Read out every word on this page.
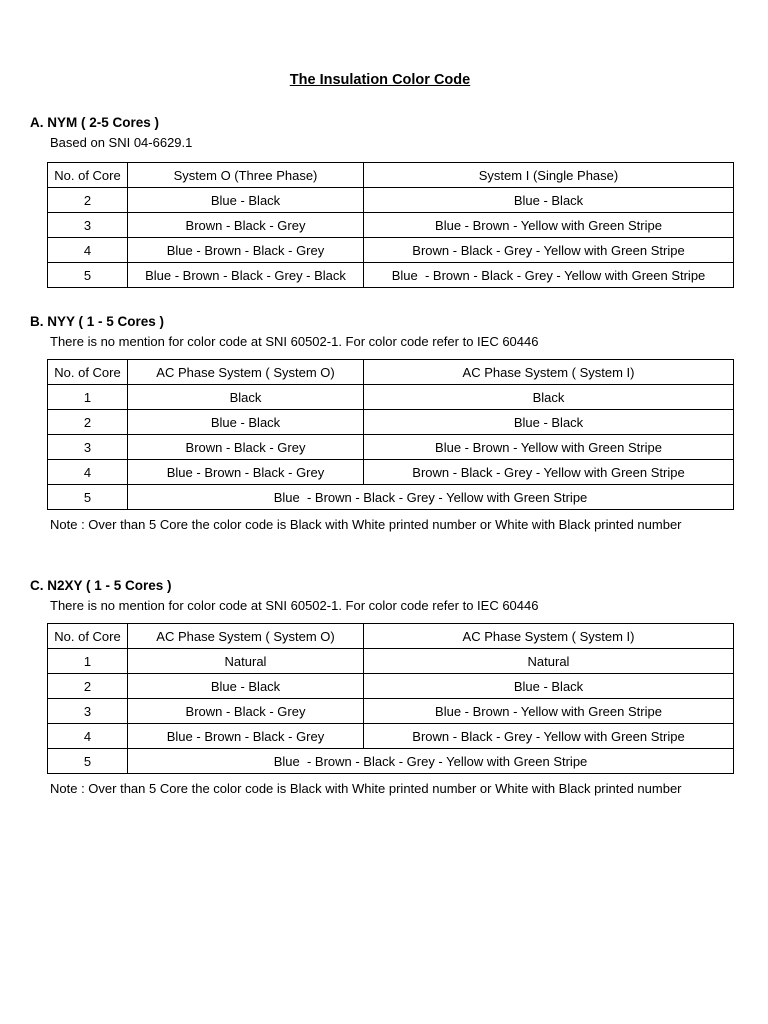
The Insulation Color Code
A. NYM ( 2-5 Cores )
Based on SNI 04-6629.1
No. of Core	System O (Three Phase)	System I (Single Phase)
2	Blue - Black	Blue - Black
3	Brown - Black - Grey	Blue - Brown - Yellow with Green Stripe
4	Blue - Brown - Black - Grey	Brown - Black - Grey - Yellow with Green Stripe
5	Blue - Brown - Black - Grey - Black	Blue  - Brown - Black - Grey - Yellow with Green Stripe
B. NYY ( 1 - 5 Cores )
There is no mention for color code at SNI 60502-1. For color code refer to IEC 60446
No. of Core	AC Phase System ( System O)	AC Phase System ( System I)
1	Black	Black
2	Blue - Black	Blue - Black
3	Brown - Black - Grey	Blue - Brown - Yellow with Green Stripe
4	Blue - Brown - Black - Grey	Brown - Black - Grey - Yellow with Green Stripe
5	Blue  - Brown - Black - Grey - Yellow with Green Stripe	
Note : Over than 5 Core the color code is Black with White printed number or White with Black printed number
C. N2XY ( 1 - 5 Cores )
There is no mention for color code at SNI 60502-1. For color code refer to IEC 60446
No. of Core	AC Phase System ( System O)	AC Phase System ( System I)
1	Natural	Natural
2	Blue - Black	Blue - Black
3	Brown - Black - Grey	Blue - Brown - Yellow with Green Stripe
4	Blue - Brown - Black - Grey	Brown - Black - Grey - Yellow with Green Stripe
5	Blue  - Brown - Black - Grey - Yellow with Green Stripe	
Note : Over than 5 Core the color code is Black with White printed number or White with Black printed number
